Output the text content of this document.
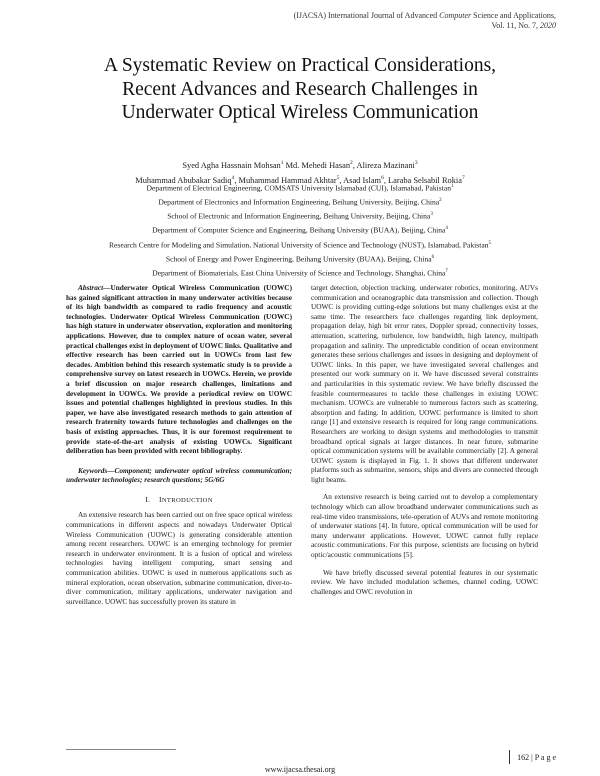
(IJACSA) International Journal of Advanced Computer Science and Applications,
Vol. 11, No. 7, 2020
A Systematic Review on Practical Considerations,
Recent Advances and Research Challenges in
Underwater Optical Wireless Communication
Syed Agha Hassnain Mohsan$^1$ Md. Mehedi Hasan$^2$, Alireza Mazinani$^3$
Muhammad Abubakar Sadiq$^4$, Muhammad Hammad Akhtar$^5$, Asad Islam$^6$, Laraba Selsabil Rokia$^7$
Department of Electrical Engineering, COMSATS University Islamabad (CUI), Islamabad, Pakistan$^1$
Department of Electronics and Information Engineering, Beihang University, Beijing, China$^2$
School of Electronic and Information Engineering, Beihang University, Beijing, China$^3$
Department of Computer Science and Engineering, Beihang University (BUAA), Beijing, China$^4$
Research Centre for Modeling and Simulation, National University of Science and Technology (NUST), Islamabad, Pakistan$^5$
School of Energy and Power Engineering, Beihang University (BUAA), Beijing, China$^6$
Department of Biomaterials, East China University of Science and Technology, Shanghai, China$^7$

Abstract—Underwater Optical Wireless Communication (UOWC) has gained significant attraction in many underwater activities because of its high bandwidth as compared to radio frequency and acoustic technologies. Underwater Optical Wireless Communication (UOWC) has high stature in underwater observation, exploration and monitoring applications. However, due to complex nature of ocean water, several practical challenges exist in deployment of UOWC links. Qualitative and effective research has been carried out in UOWCs from last few decades. Ambition behind this research systematic study is to provide a comprehensive survey on latest research in UOWCs. Herein, we provide a brief discussion on major research challenges, limitations and development in UOWCs. We provide a periodical review on UOWC issues and potential challenges highlighted in previous studies. In this paper, we have also investigated research methods to gain attention of research fraternity towards future technologies and challenges on the basis of existing approaches. Thus, it is our foremost requirement to provide state-of-the-art analysis of existing UOWCs. Significant deliberation has been provided with recent bibliography.

Keywords—Component; underwater optical wireless communication; underwater technologies; research questions; 5G/6G

I. INTRODUCTION

An extensive research has been carried out on free space optical wireless communications in different aspects and nowadays Underwater Optical Wireless Communication (UOWC) is generating considerable attention among recent researchers. UOWC is an emerging technology for premier research in underwater environment. It is a fusion of optical and wireless technologies having intelligent computing, smart sensing and communication abilities. UOWC is used in numerous applications such as mineral exploration, ocean observation, submarine communication, diver-to-diver communication, military applications, underwater navigation and surveillance. UOWC has successfully proven its stature in

target detection, objection tracking, underwater robotics, monitoring, AUVs communication and oceanographic data transmission and collection. Though UOWC is providing cutting-edge solutions but many challenges exist at the same time. The researchers face challenges regarding link deployment, propagation delay, high bit error rates, Doppler spread, connectivity losses, attenuation, scattering, turbulence, low bandwidth, high latency, multipath propagation and salinity. The unpredictable condition of ocean environment generates these serious challenges and issues in designing and deployment of UOWC links. In this paper, we have investigated several challenges and presented our work summary on it. We have discussed several constraints and particularities in this systematic review. We have briefly discussed the feasible countermeasures to tackle these challenges in existing UOWC mechanism. UOWCs are vulnerable to numerous factors such as scattering, absorption and fading. In addition, UOWC performance is limited to short range [1] and extensive research is required for long range communications. Researchers are working to design systems and methodologies to transmit broadband optical signals at larger distances. In near future, submarine optical communication systems will be available commercially [2]. A general UOWC system is displayed in Fig. 1. It shows that different underwater platforms such as submarine, sensors, ships and divers are connected through light beams.

An extensive research is being carried out to develop a complementary technology which can allow broadband underwater communications such as real-time video transmissions, tele-operation of AUVs and remote monitoring of underwater stations [4]. In future, optical communication will be used for many underwater applications. However, UOWC cannot fully replace acoustic communications. For this purpose, scientists are focusing on hybrid optic/acoustic communications [5].

We have briefly discussed several potential features in our systematic review. We have included modulation schemes, channel coding, UOWC challenges and OWC revolution in

162 | P a g e
www.ijacsa.thesai.org
